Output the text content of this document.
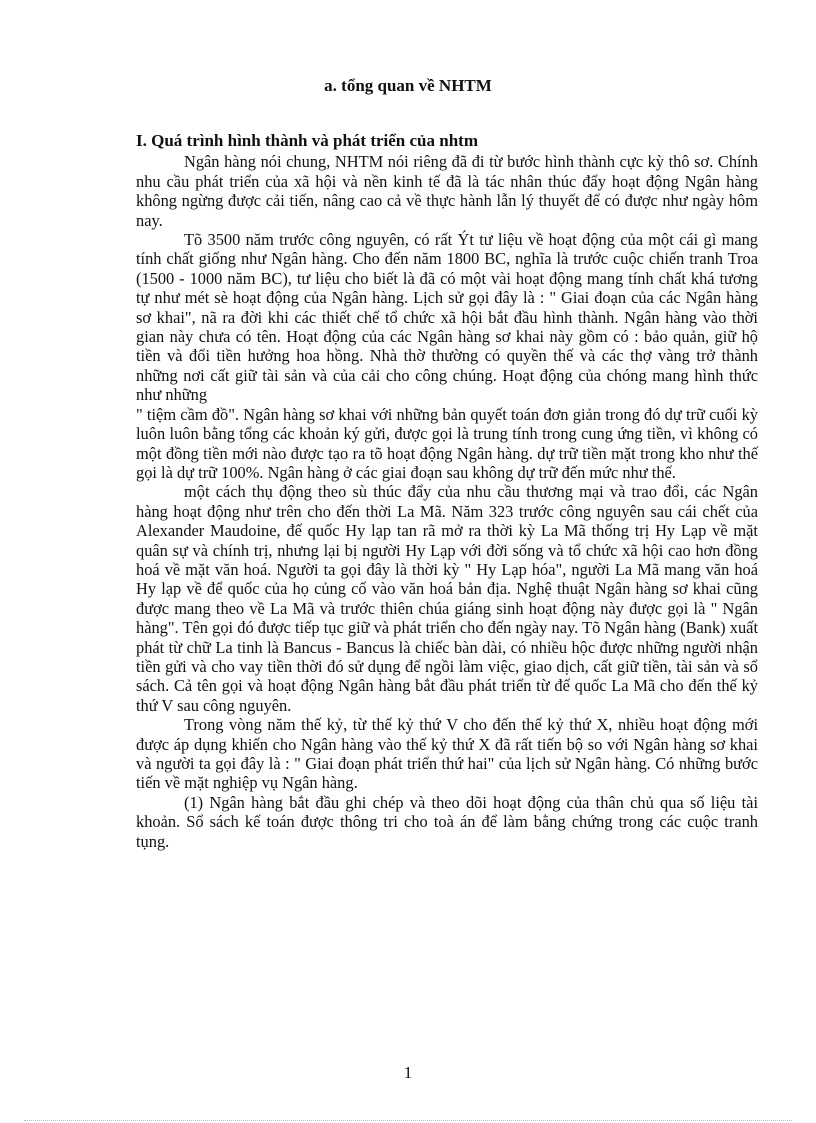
a. tổng quan về NHTM
I. Quá trình hình thành và phát triển của nhtm

Ngân hàng nói chung, NHTM nói riêng đã đi từ bước hình thành cực kỳ thô sơ. Chính nhu cầu phát triển của xã hội và nền kinh tế đã là tác nhân thúc đẩy hoạt động Ngân hàng không ngừng được cải tiến, nâng cao cả về thực hành lẫn lý thuyết để có được như ngày hôm nay.

Tõ 3500 năm trước công nguyên, có rất Ýt tư liệu về hoạt động của một cái gì mang tính chất giống như Ngân hàng. Cho đến năm 1800 BC, nghĩa là trước cuộc chiến tranh Troa (1500 - 1000 năm BC), tư liệu cho biết là đã có một vài hoạt động mang tính chất khá tương tự như mét sè hoạt động của Ngân hàng. Lịch sử gọi đây là : " Giai đoạn của các Ngân hàng sơ khai", nã ra đời khi các thiết chế tổ chức xã hội bắt đầu hình thành. Ngân hàng vào thời gian này chưa có tên. Hoạt động của các Ngân hàng sơ khai này gồm có : bảo quản, giữ hộ tiền và đổi tiền hưởng hoa hồng. Nhà thờ thường có quyền thế và các thợ vàng trở thành những nơi cất giữ tài sản và của cải cho công chúng. Hoạt động của chóng mang hình thức như những

" tiệm cầm đồ". Ngân hàng sơ khai với những bản quyết toán đơn giản trong đó dự trữ cuối kỳ luôn luôn bằng tổng các khoản ký gửi, được gọi là trung tính trong cung ứng tiền, vì không có một đồng tiền mới nào được tạo ra tõ hoạt động Ngân hàng. dự trữ tiền mặt trong kho như thế gọi là dự trữ 100%. Ngân hàng ở các giai đoạn sau không dự trữ đến mức như thế.

một cách thụ động theo sù thúc đẩy của nhu cầu thương mại và trao đổi, các Ngân hàng hoạt động như trên cho đến thời La Mã. Năm 323 trước công nguyên sau cái chết của Alexander Maudoine, đế quốc Hy lạp tan rã mở ra thời kỳ La Mã thống trị Hy Lạp về mặt quân sự và chính trị, nhưng lại bị người Hy Lạp với đời sống và tổ chức xã hội cao hơn đồng hoá về mặt văn hoá. Người ta gọi đây là thời kỳ " Hy Lạp hóa", người La Mã mang văn hoá Hy lạp về để quốc của họ củng cố vào văn hoá bản địa. Nghệ thuật Ngân hàng sơ khai cũng được mang theo về La Mã và trước thiên chúa giáng sinh hoạt động này được gọi là " Ngân hàng". Tên gọi đó được tiếp tục giữ và phát triển cho đến ngày nay. Tõ Ngân hàng (Bank) xuất phát từ chữ La tinh là Bancus - Bancus là chiếc bàn dài, có nhiều hộc được những người nhận tiền gửi và cho vay tiền thời đó sử dụng để ngồi làm việc, giao dịch, cất giữ tiền, tài sản và sổ sách. Cả tên gọi và hoạt động Ngân hàng bắt đầu phát triển từ đế quốc La Mã cho đến thế kỷ thứ V sau công nguyên.

Trong vòng năm thế kỷ, từ thế kỷ thứ V cho đến thế kỷ thứ X, nhiều hoạt động mới được áp dụng khiến cho Ngân hàng vào thế kỷ thứ X đã rất tiến bộ so với Ngân hàng sơ khai và người ta gọi đây là : " Giai đoạn phát triển thứ hai" của lịch sử Ngân hàng. Có những bước tiến về mặt nghiệp vụ Ngân hàng.

(1) Ngân hàng bắt đầu ghi chép và theo dõi hoạt động của thân chủ qua số liệu tài khoản. Sổ sách kế toán được thông tri cho toà án để làm bằng chứng trong các cuộc tranh tụng.

1
